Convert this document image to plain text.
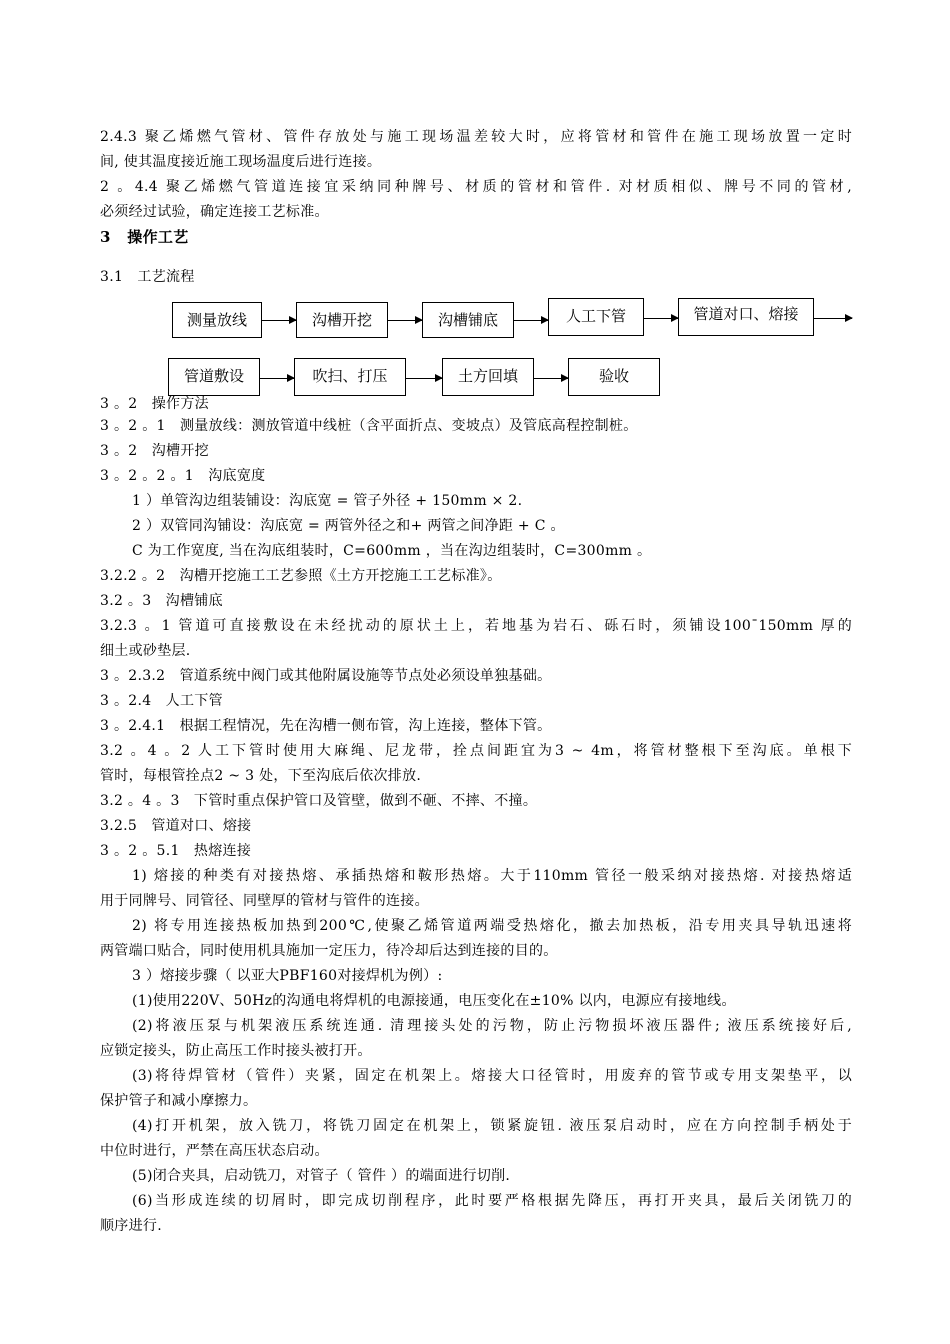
2.4.3 聚乙烯燃气管材、管件存放处与施工现场温差较大时，应将管材和管件在施工现场放置一定时
间, 使其温度接近施工现场温度后进行连接。
2 。4.4 聚乙烯燃气管道连接宜采纳同种牌号、材质的管材和管件. 对材质相似、牌号不同的管材,
必须经过试验，确定连接工艺标准。
3   操作工艺
3.1   工艺流程
测量放线	沟槽开挖	沟槽铺底	人工下管	管道对口、熔接
管道敷设	吹扫、打压	土方回填	验收
3 。2   操作方法
3 。2 。1   测量放线：测放管道中线桩（含平面折点、变坡点）及管底高程控制桩。
3 。2   沟槽开挖
3 。2 。2 。1   沟底宽度
1 ）单管沟边组装铺设：沟底宽 = 管子外径 + 150mm × 2.
2 ）双管同沟铺设：沟底宽 = 两管外径之和+ 两管之间净距 + C 。
C 为工作宽度, 当在沟底组装时，C=600mm ，当在沟边组装时，C=300mm 。
3.2.2 。2   沟槽开挖施工工艺参照《土方开挖施工工艺标准》。
3.2 。3   沟槽铺底
3.2.3 。1 管道可直接敷设在未经扰动的原状土上，若地基为岩石、砾石时，须铺设100¯150mm 厚的
细土或砂垫层.
3 。2.3.2   管道系统中阀门或其他附属设施等节点处必须设单独基础。
3 。2.4   人工下管
3 。2.4.1   根据工程情况，先在沟槽一侧布管，沟上连接，整体下管。
3.2 。4 。2 人工下管时使用大麻绳、尼龙带，拴点间距宜为3 ~ 4m，将管材整根下至沟底。单根下
管时，每根管拴点2 ~ 3 处，下至沟底后依次排放.
3.2 。4 。3   下管时重点保护管口及管壁，做到不砸、不摔、不撞。
3.2.5   管道对口、熔接
3 。2 。5.1   热熔连接
1) 熔接的种类有对接热熔、承插热熔和鞍形热熔。大于110mm 管径一般采纳对接热熔. 对接热熔适
用于同牌号、同管径、同壁厚的管材与管件的连接。
2) 将专用连接热板加热到200℃,使聚乙烯管道两端受热熔化，撤去加热板，沿专用夹具导轨迅速将
两管端口贴合，同时使用机具施加一定压力，待冷却后达到连接的目的。
3 ）熔接步骤（ 以亚大PBF160对接焊机为例）:
(1)使用220V、50Hz的沟通电将焊机的电源接通，电压变化在±10% 以内，电源应有接地线。
(2)将液压泵与机架液压系统连通. 清理接头处的污物，防止污物损坏液压器件; 液压系统接好后,
应锁定接头，防止高压工作时接头被打开。
(3)将待焊管材（管件）夹紧，固定在机架上。熔接大口径管时，用废弃的管节或专用支架垫平，以
保护管子和减小摩擦力。
(4)打开机架，放入铣刀，将铣刀固定在机架上，锁紧旋钮. 液压泵启动时，应在方向控制手柄处于
中位时进行，严禁在高压状态启动。
(5)闭合夹具，启动铣刀，对管子（ 管件 ）的端面进行切削.
(6)当形成连续的切屑时，即完成切削程序，此时要严格根据先降压，再打开夹具，最后关闭铣刀的
顺序进行.
